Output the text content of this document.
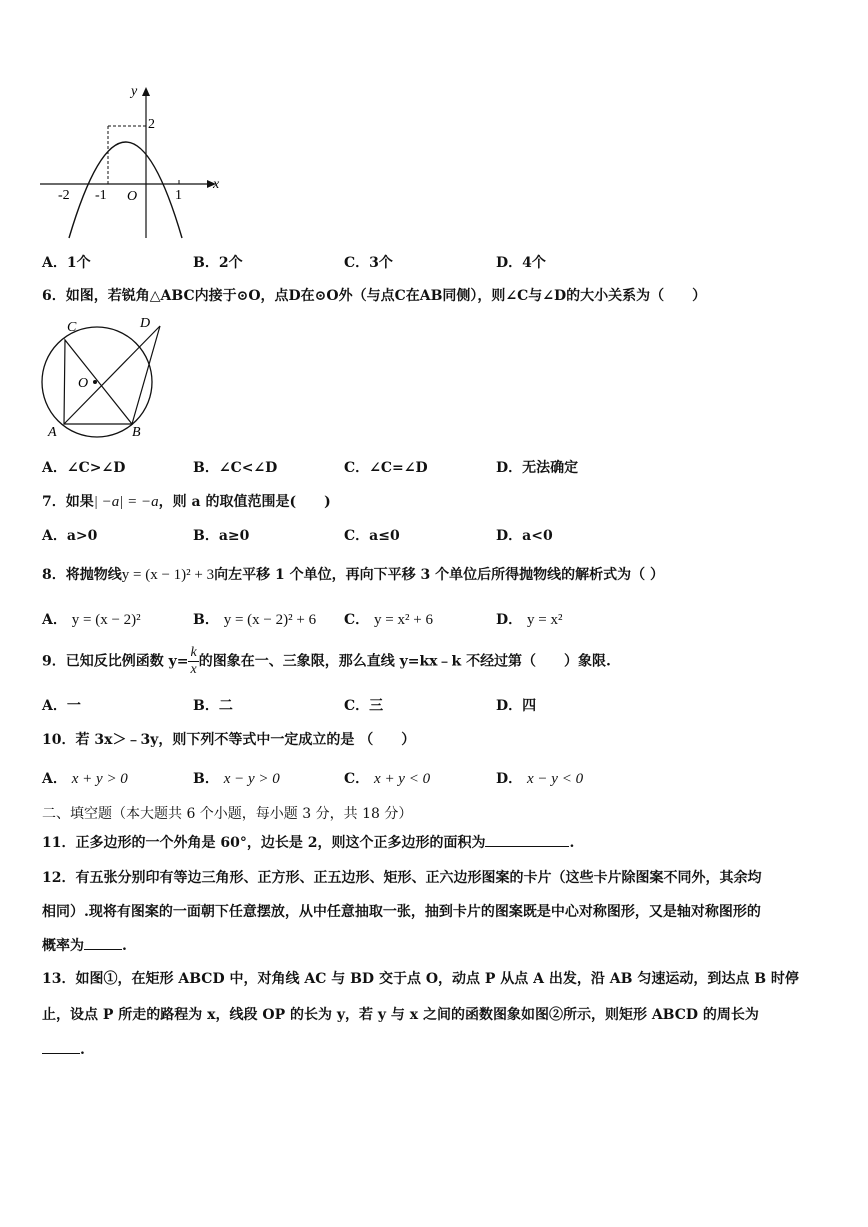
y
x
2
-2 -1 O	1
A．1个	B．2个	C．3个	D．4个
6．如图，若锐角△ABC内接于⊙O，点D在⊙O外（与点C在AB同侧），则∠C与∠D的大小关系为（　　）
C	D
O
A	B
A．∠C>∠D	B．∠C<∠D	C．∠C=∠D	D．无法确定
7．如果| −a| = −a，则 a 的取值范围是(　　)
A．a>0	B．a≥0	C．a≤0	D．a<0
8．将抛物线y = (x − 1)² + 3向左平移 1 个单位，再向下平移 3 个单位后所得抛物线的解析式为（ ）
A． y = (x − 2)²	B． y = (x − 2)² + 6 C． y = x² + 6	D． y = x²
9．已知反比例函数 $y= \frac{k}{x}$ 的图象在一、三象限，那么直线 y=kx﹣k 不经过第（　　）象限.
A．一	B．二	C．三	D．四
10．若 3x＞﹣3y，则下列不等式中一定成立的是 （　　）
A． x + y > 0	B． x − y > 0	C． x + y < 0	D． x − y < 0
二、填空题（本大题共 6 个小题，每小题 3 分，共 18 分）
11．正多边形的一个外角是 60°，边长是 2，则这个正多边形的面积为	.
12．有五张分别印有等边三角形、正方形、正五边形、矩形、正六边形图案的卡片（这些卡片除图案不同外，其余均
相同）.现将有图案的一面朝下任意摆放，从中任意抽取一张，抽到卡片的图案既是中心对称图形，又是轴对称图形的
概率为	.
13．如图①，在矩形 ABCD 中，对角线 AC 与 BD 交于点 O，动点 P 从点 A 出发，沿 AB 匀速运动，到达点 B 时停
止，设点 P 所走的路程为 x，线段 OP 的长为 y，若 y 与 x 之间的函数图象如图②所示，则矩形 ABCD 的周长为
.
